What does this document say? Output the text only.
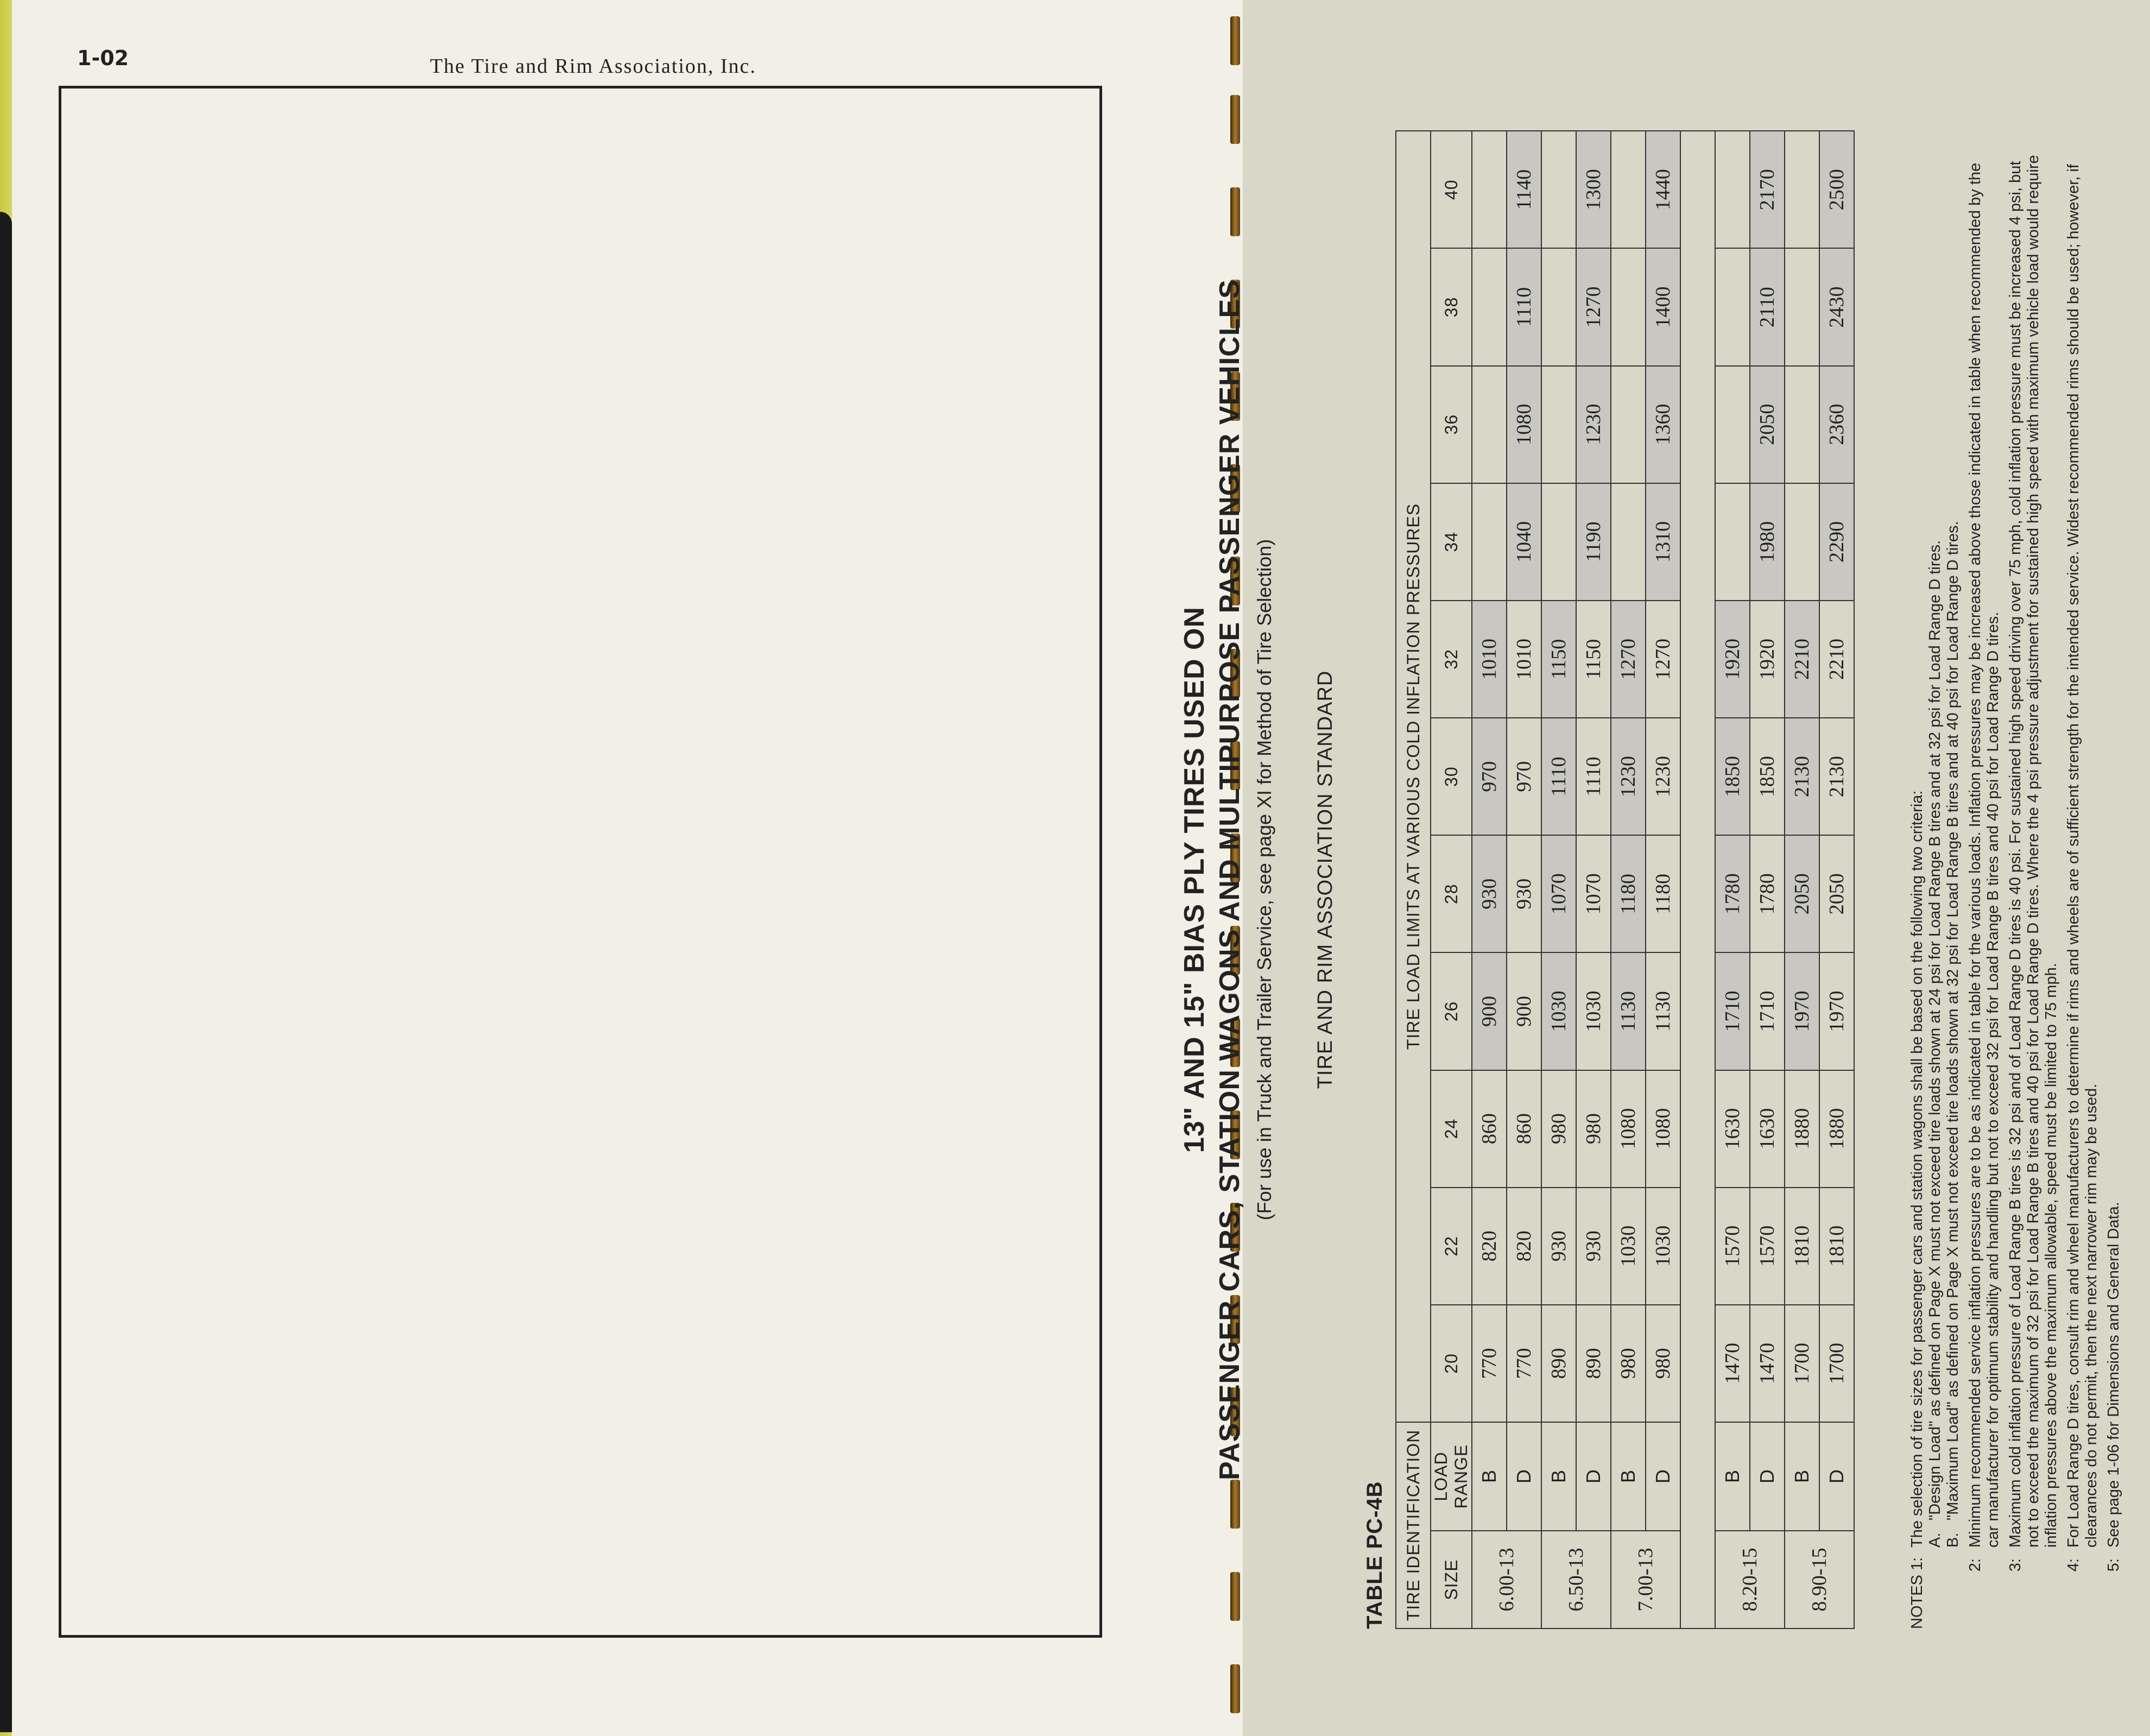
1-02	The Tire and Rim Association, Inc.
13" AND 15" BIAS PLY TIRES USED ON PASSENGER CARS, STATION WAGONS AND MULTIPURPOSE PASSENGER VEHICLES (For use in Truck and Trailer Service, see page XI for Method of Tire Selection) TIRE AND RIM ASSOCIATION STANDARD
TABLE PC-4B TIRE IDENTIFICATION		TIRE LOAD LIMITS AT VARIOUS COLD INFLATION PRESSURES										
SIZE	LOAD RANGE	20	22	24	26	28	30	32	34	36	38	40
6.00-13	B	770	820	860	900	930	970	1010				
	D	770	820	860	900	930	970	1010	1040	1080	1110	1140
6.50-13	B	890	930	980	1030	1070	1110	1150				
	D	890	930	980	1030	1070	1110	1150	1190	1230	1270	1300
7.00-13	B	980	1030	1080	1130	1180	1230	1270				
	D	980	1030	1080	1130	1180	1230	1270	1310	1360	1400	1440

8.20-15	B	1470	1570	1630	1710	1780	1850	1920				
	D	1470	1570	1630	1710	1780	1850	1920	1980	2050	2110	2170
8.90-15	B	1700	1810	1880	1970	2050	2130	2210				
	D	1700	1810	1880	1970	2050	2130	2210	2290	2360	2430	2500
NOTES 1:
The selection of tire sizes for passenger cars and station wagons shall be based on the following two criteria: A.
"Design Load" as defined on Page X must not exceed tire loads shown at 24 psi for Load Range B tires and at 32 psi for Load Range D tires.
B.
"Maximum Load" as defined on Page X must not exceed tire loads shown at 32 psi for Load Range B tires and at 40 psi for Load Range D tires.
2:
Minimum recommended service inflation pressures are to be as indicated in table for the various loads. Inflation pressures may be increased above those indicated in table when recommended by the car manufacturer for optimum stability and handling but not to exceed 32 psi for Load Range B tires and 40 psi for Load Range D tires.
3:
Maximum cold inflation pressure of Load Range B tires is 32 psi and of Load Range D tires is 40 psi. For sustained high speed driving over 75 mph, cold inflation pressure must be increased 4 psi, but not to exceed the maximum of 32 psi for Load Range B tires and 40 psi for Load Range D tires. Where the 4 psi pressure adjustment for sustained high speed with maximum vehicle load would require inflation pressures above the maximum allowable, speed must be limited to 75 mph.
4:
For Load Range D tires, consult rim and wheel manufacturers to determine if rims and wheels are of sufficient strength for the intended service. Widest recommended rims should be used; however, if clearances do not permit, then the next narrower rim may be used.
5:
See page 1-06 for Dimensions and General Data.
